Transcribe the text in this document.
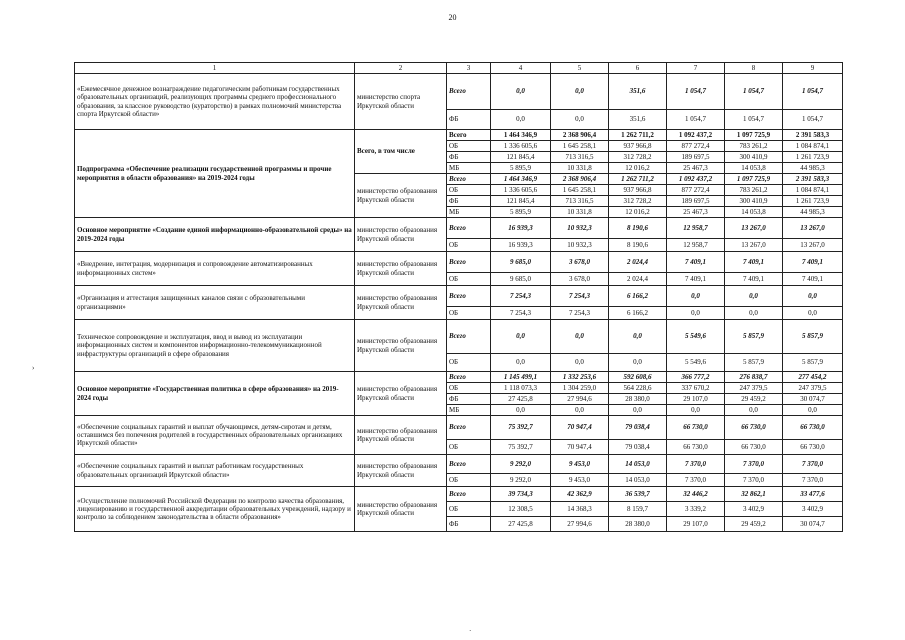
20
›
·
1	2	3	4	5	6	7	8	9
«Ежемесячное денежное вознаграждение педагогическим работникам государственных образовательных организаций, реализующих программы среднего профессионального образования, за классное руководство (кураторство) в рамках полномочий министерства спорта Иркутской области»	министерство спорта Иркутской области	Всего	0,0	0,0	351,6	1 054,7	1 054,7	1 054,7
		ФБ	0,0	0,0	351,6	1 054,7	1 054,7	1 054,7
Подпрограмма «Обеспечение реализации государственной программы и прочие мероприятия в области образования» на 2019-2024 годы	Всего, в том числе	Всего	1 464 346,9	2 368 906,4	1 262 711,2	1 092 437,2	1 097 725,9	2 391 583,3
		ОБ	1 336 605,6	1 645 258,1	937 966,8	877 272,4	783 261,2	1 084 874,1
		ФБ	121 845,4	713 316,5	312 728,2	189 697,5	300 410,9	1 261 723,9
		МБ	5 895,9	10 331,8	12 016,2	25 467,3	14 053,8	44 985,3
	министерство образования Иркутской области	Всего	1 464 346,9	2 368 906,4	1 262 711,2	1 092 437,2	1 097 725,9	2 391 583,3
		ОБ	1 336 605,6	1 645 258,1	937 966,8	877 272,4	783 261,2	1 084 874,1
		ФБ	121 845,4	713 316,5	312 728,2	189 697,5	300 410,9	1 261 723,9
		МБ	5 895,9	10 331,8	12 016,2	25 467,3	14 053,8	44 985,3
Основное мероприятие «Создание единой информационно-образовательной среды» на 2019-2024 годы	министерство образования Иркутской области	Всего	16 939,3	10 932,3	8 190,6	12 958,7	13 267,0	13 267,0
		ОБ	16 939,3	10 932,3	8 190,6	12 958,7	13 267,0	13 267,0
«Внедрение, интеграция, модернизация и сопровождение автоматизированных информационных систем»	министерство образования Иркутской области	Всего	9 685,0	3 678,0	2 024,4	7 409,1	7 409,1	7 409,1
		ОБ	9 685,0	3 678,0	2 024,4	7 409,1	7 409,1	7 409,1
«Организация и аттестация защищенных каналов связи с образовательными организациями»	министерство образования Иркутской области	Всего	7 254,3	7 254,3	6 166,2	0,0	0,0	0,0
		ОБ	7 254,3	7 254,3	6 166,2	0,0	0,0	0,0
Техническое сопровождение и эксплуатация, ввод и вывод из эксплуатации информационных систем и компонентов информационно-телекоммуникационной инфраструктуры организаций в сфере образования	министерство образования Иркутской области	Всего	0,0	0,0	0,0	5 549,6	5 857,9	5 857,9
		ОБ	0,0	0,0	0,0	5 549,6	5 857,9	5 857,9
Основное мероприятие «Государственная политика в сфере образования» на 2019-2024 годы	министерство образования Иркутской области	Всего	1 145 499,1	1 332 253,6	592 608,6	366 777,2	276 838,7	277 454,2
		ОБ	1 118 073,3	1 304 259,0	564 228,6	337 670,2	247 379,5	247 379,5
		ФБ	27 425,8	27 994,6	28 380,0	29 107,0	29 459,2	30 074,7
		МБ	0,0	0,0	0,0	0,0	0,0	0,0
«Обеспечение социальных гарантий и выплат обучающимся, детям-сиротам и детям, оставшимся без попечения родителей в государственных образовательных организациях Иркутской области»	министерство образования Иркутской области	Всего	75 392,7	70 947,4	79 038,4	66 730,0	66 730,0	66 730,0
		ОБ	75 392,7	70 947,4	79 038,4	66 730,0	66 730,0	66 730,0
«Обеспечение социальных гарантий и выплат работникам государственных образовательных организаций Иркутской области»	министерство образования Иркутской области	Всего	9 292,0	9 453,0	14 053,0	7 370,0	7 370,0	7 370,0
		ОБ	9 292,0	9 453,0	14 053,0	7 370,0	7 370,0	7 370,0
«Осуществление полномочий Российской Федерации по контролю качества образования, лицензированию и государственной аккредитации образовательных учреждений, надзору и контролю за соблюдением законодательства в области образования»	министерство образования Иркутской области	Всего	39 734,3	42 362,9	36 539,7	32 446,2	32 862,1	33 477,6
		ОБ	12 308,5	14 368,3	8 159,7	3 339,2	3 402,9	3 402,9
		ФБ	27 425,8	27 994,6	28 380,0	29 107,0	29 459,2	30 074,7
